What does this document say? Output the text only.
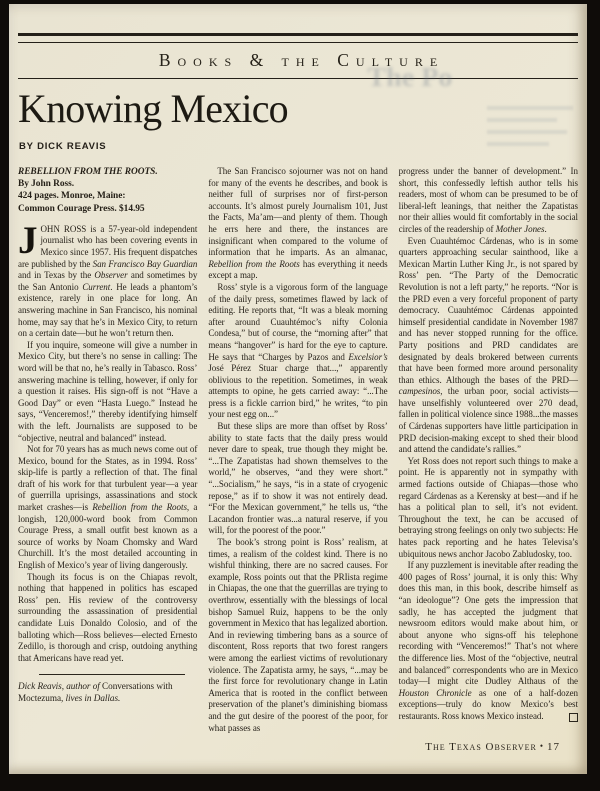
The Po
Books & the Culture
Knowing Mexico
BY DICK REAVIS
REBELLION FROM THE ROOTS.
By John Ross.
424 pages. Monroe, Maine:
Common Courage Press. $14.95

JOHN ROSS is a 57-year-old independent journalist who has been covering events in Mexico since 1957. His frequent dispatches are published by the San Francisco Bay Guardian and in Texas by the Observer and sometimes by the San Antonio Current. He leads a phantom’s existence, rarely in one place for long. An answering machine in San Francisco, his nominal home, may say that he’s in Mexico City, to return on a certain date—but he won’t return then.

If you inquire, someone will give a number in Mexico City, but there’s no sense in calling: The word will be that no, he’s really in Tabasco. Ross’ answering machine is telling, however, if only for a question it raises. His sign-off is not “Have a Good Day” or even “Hasta Luego.” Instead he says, “Venceremos!,” thereby identifying himself with the left. Journalists are supposed to be “objective, neutral and balanced” instead.

Not for 70 years has as much news come out of Mexico, bound for the States, as in 1994. Ross’ skip-life is partly a reflection of that. The final draft of his work for that turbulent year—a year of guerrilla uprisings, assassinations and stock market crashes—is Rebellion from the Roots, a longish, 120,000-word book from Common Courage Press, a small outfit best known as a source of works by Noam Chomsky and Ward Churchill. It’s the most detailed accounting in English of Mexico’s year of living dangerously.

Though its focus is on the Chiapas revolt, nothing that happened in politics has escaped Ross’ pen. His review of the controversy surrounding the assassination of presidential candidate Luis Donaldo Colosio, and of the balloting which—Ross believes—elected Ernesto Zedillo, is thorough and crisp, outdoing anything that Americans have read yet.

Dick Reavis, author of Conversations with Moctezuma, lives in Dallas.

The San Francisco sojourner was not on hand for many of the events he describes, and book is neither full of surprises nor of first-person accounts. It’s almost purely Journalism 101, Just the Facts, Ma’am—and plenty of them. Though he errs here and there, the instances are insignificant when compared to the volume of information that he imparts. As an almanac, Rebellion from the Roots has everything it needs except a map.

Ross’ style is a vigorous form of the language of the daily press, sometimes flawed by lack of editing. He reports that, “It was a bleak morning after around Cuauhtémoc’s nifty Colonia Condesa,” but of course, the “morning after” that means “hangover” is hard for the eye to capture. He says that “Charges by Pazos and Excelsior’s José Pérez Stuar charge that...,” apparently oblivious to the repetition. Sometimes, in weak attempts to opine, he gets carried away: “...The press is a fickle carrion bird,” he writes, “to pin your nest egg on...”

But these slips are more than offset by Ross’ ability to state facts that the daily press would never dare to speak, true though they might be. “...The Zapatistas had shown themselves to the world,” he observes, “and they were short.” “...Socialism,” he says, “is in a state of cryogenic repose,” as if to show it was not entirely dead. “For the Mexican government,” he tells us, “the Lacandon frontier was...a natural reserve, if you will, for the poorest of the poor.”

The book’s strong point is Ross’ realism, at times, a realism of the coldest kind. There is no wishful thinking, there are no sacred causes. For example, Ross points out that the PRIista regime in Chiapas, the one that the guerrillas are trying to overthrow, essentially with the blessings of local bishop Samuel Ruiz, happens to be the only government in Mexico that has legalized abortion. And in reviewing timbering bans as a source of discontent, Ross reports that two forest rangers were among the earliest victims of revolutionary violence. The Zapatista army, he says, “...may be the first force for revolutionary change in Latin America that is rooted in the conflict between preservation of the planet’s diminishing biomass and the gut desire of the poorest of the poor, for what passes as

progress under the banner of development.” In short, this confessedly leftish author tells his readers, most of whom can be presumed to be of liberal-left leanings, that neither the Zapatistas nor their allies would fit comfortably in the social circles of the readership of Mother Jones.

Even Cuauhtémoc Cárdenas, who is in some quarters approaching secular sainthood, like a Mexican Martin Luther King Jr., is not spared by Ross’ pen. “The Party of the Democratic Revolution is not a left party,” he reports. “Nor is the PRD even a very forceful proponent of party democracy. Cuauhtémoc Cárdenas appointed himself presidential candidate in November 1987 and has never stopped running for the office. Party positions and PRD candidates are designated by deals brokered between currents that have been formed more around personality than ethics. Although the bases of the PRD—campesinos, the urban poor, social activists—have unselfishly volunteered over 270 dead, fallen in political violence since 1988...the masses of Cárdenas supporters have little participation in PRD decision-making except to shed their blood and attend the candidate’s rallies.”

Yet Ross does not report such things to make a point. He is apparently not in sympathy with armed factions outside of Chiapas—those who regard Cárdenas as a Kerensky at best—and if he has a political plan to sell, it’s not evident. Throughout the text, he can be accused of betraying strong feelings on only two subjects: He hates pack reporting and he hates Televisa’s ubiquitous news anchor Jacobo Zabludosky, too.

If any puzzlement is inevitable after reading the 400 pages of Ross’ journal, it is only this: Why does this man, in this book, describe himself as “an ideologue”? One gets the impression that sadly, he has accepted the judgment that newsroom editors would make about him, or about anyone who signs-off his telephone recording with “Venceremos!” That’s not where the difference lies. Most of the “objective, neutral and balanced” correspondents who are in Mexico today—I might cite Dudley Althaus of the Houston Chronicle as one of a half-dozen exceptions—truly do know Mexico’s best restaurants. Ross knows Mexico instead.

The Texas Observer • 17
